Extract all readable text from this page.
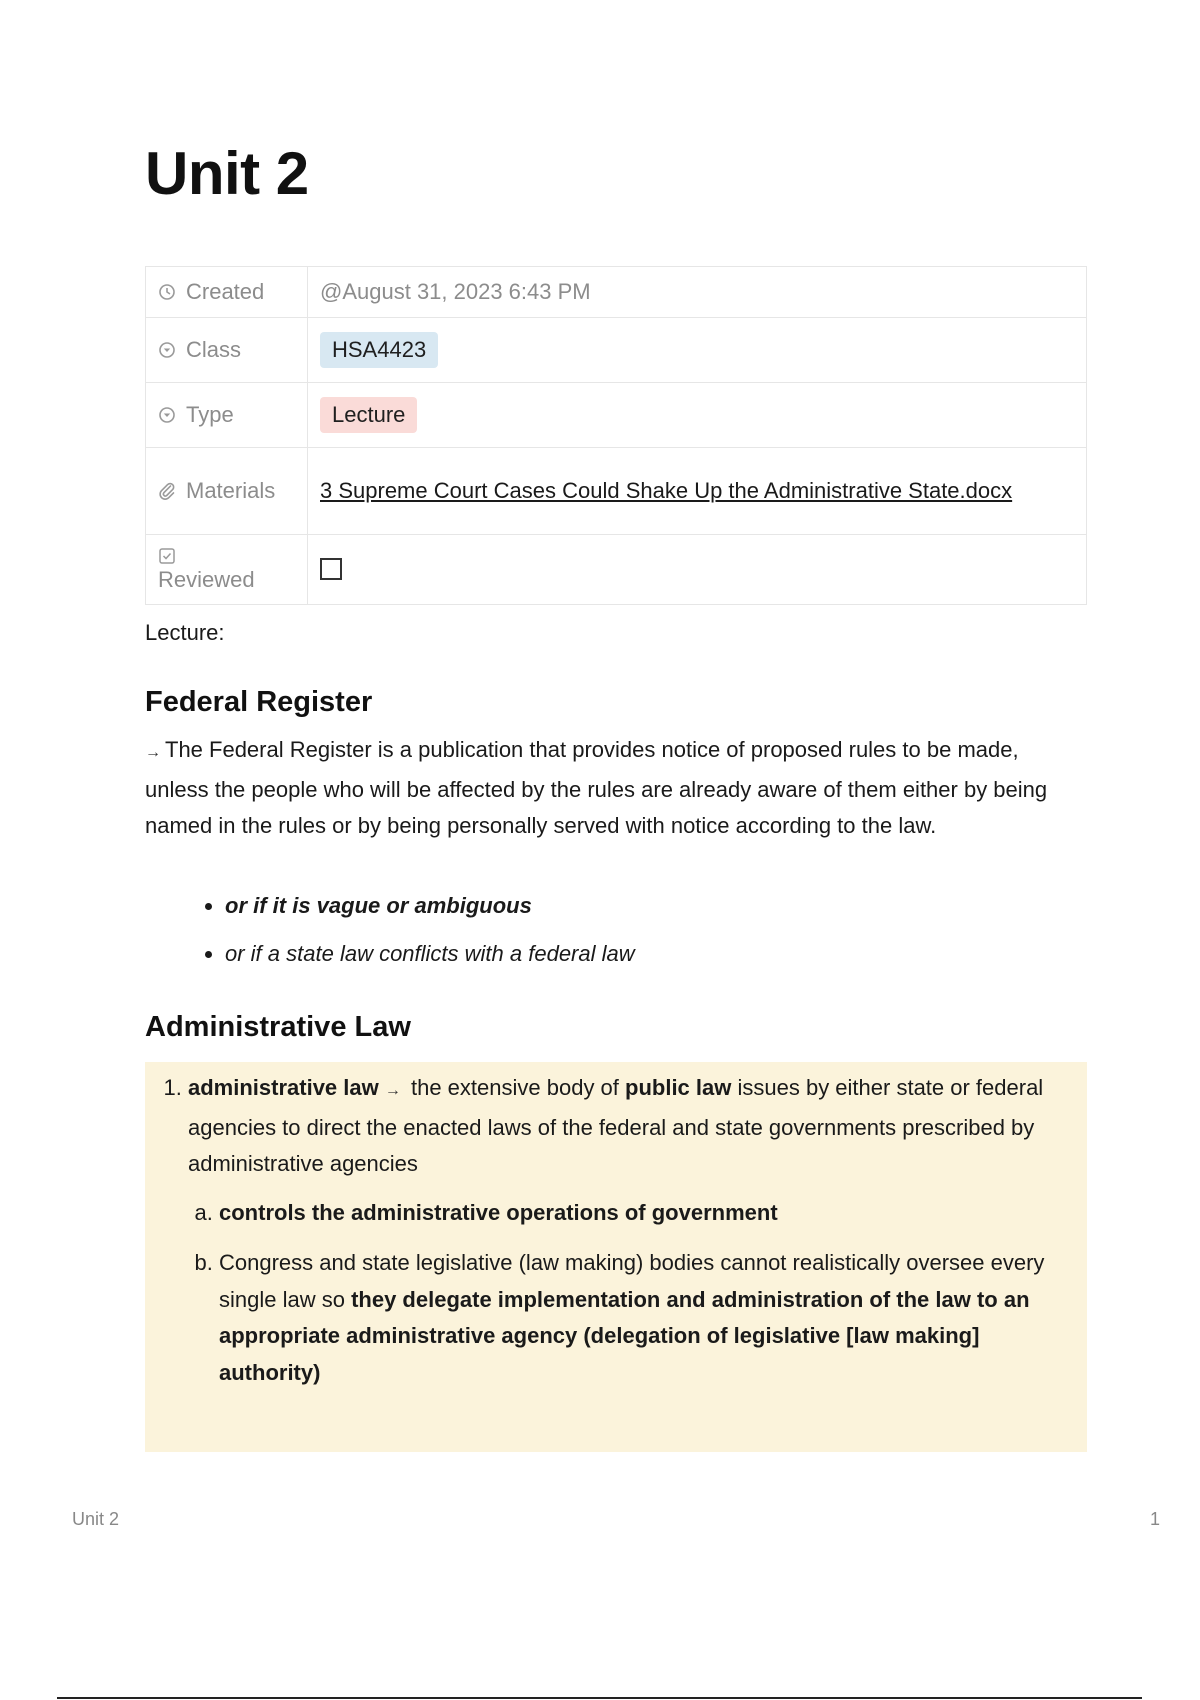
Unit 2
Created	@August 31, 2023 6:43 PM

Class	HSA4423

Type	Lecture

Materials	3 Supreme Court Cases Could Shake Up the Administrative State.docx

Reviewed	

Lecture:

Federal Register

→ The Federal Register is a publication that provides notice of proposed rules to be made, unless the people who will be affected by the rules are already aware of them either by being named in the rules or by being personally served with notice according to the law.

• or if it is vague or ambiguous
• or if a state law conflicts with a federal law
Administrative Law
1. administrative law → the extensive body of public law issues by either state or federal agencies to direct the enacted laws of the federal and state governments prescribed by administrative agencies
a. controls the administrative operations of government
b. Congress and state legislative (law making) bodies cannot realistically oversee every single law so they delegate implementation and administration of the law to an appropriate administrative agency (delegation of legislative [law making] authority)
Unit 2	1
